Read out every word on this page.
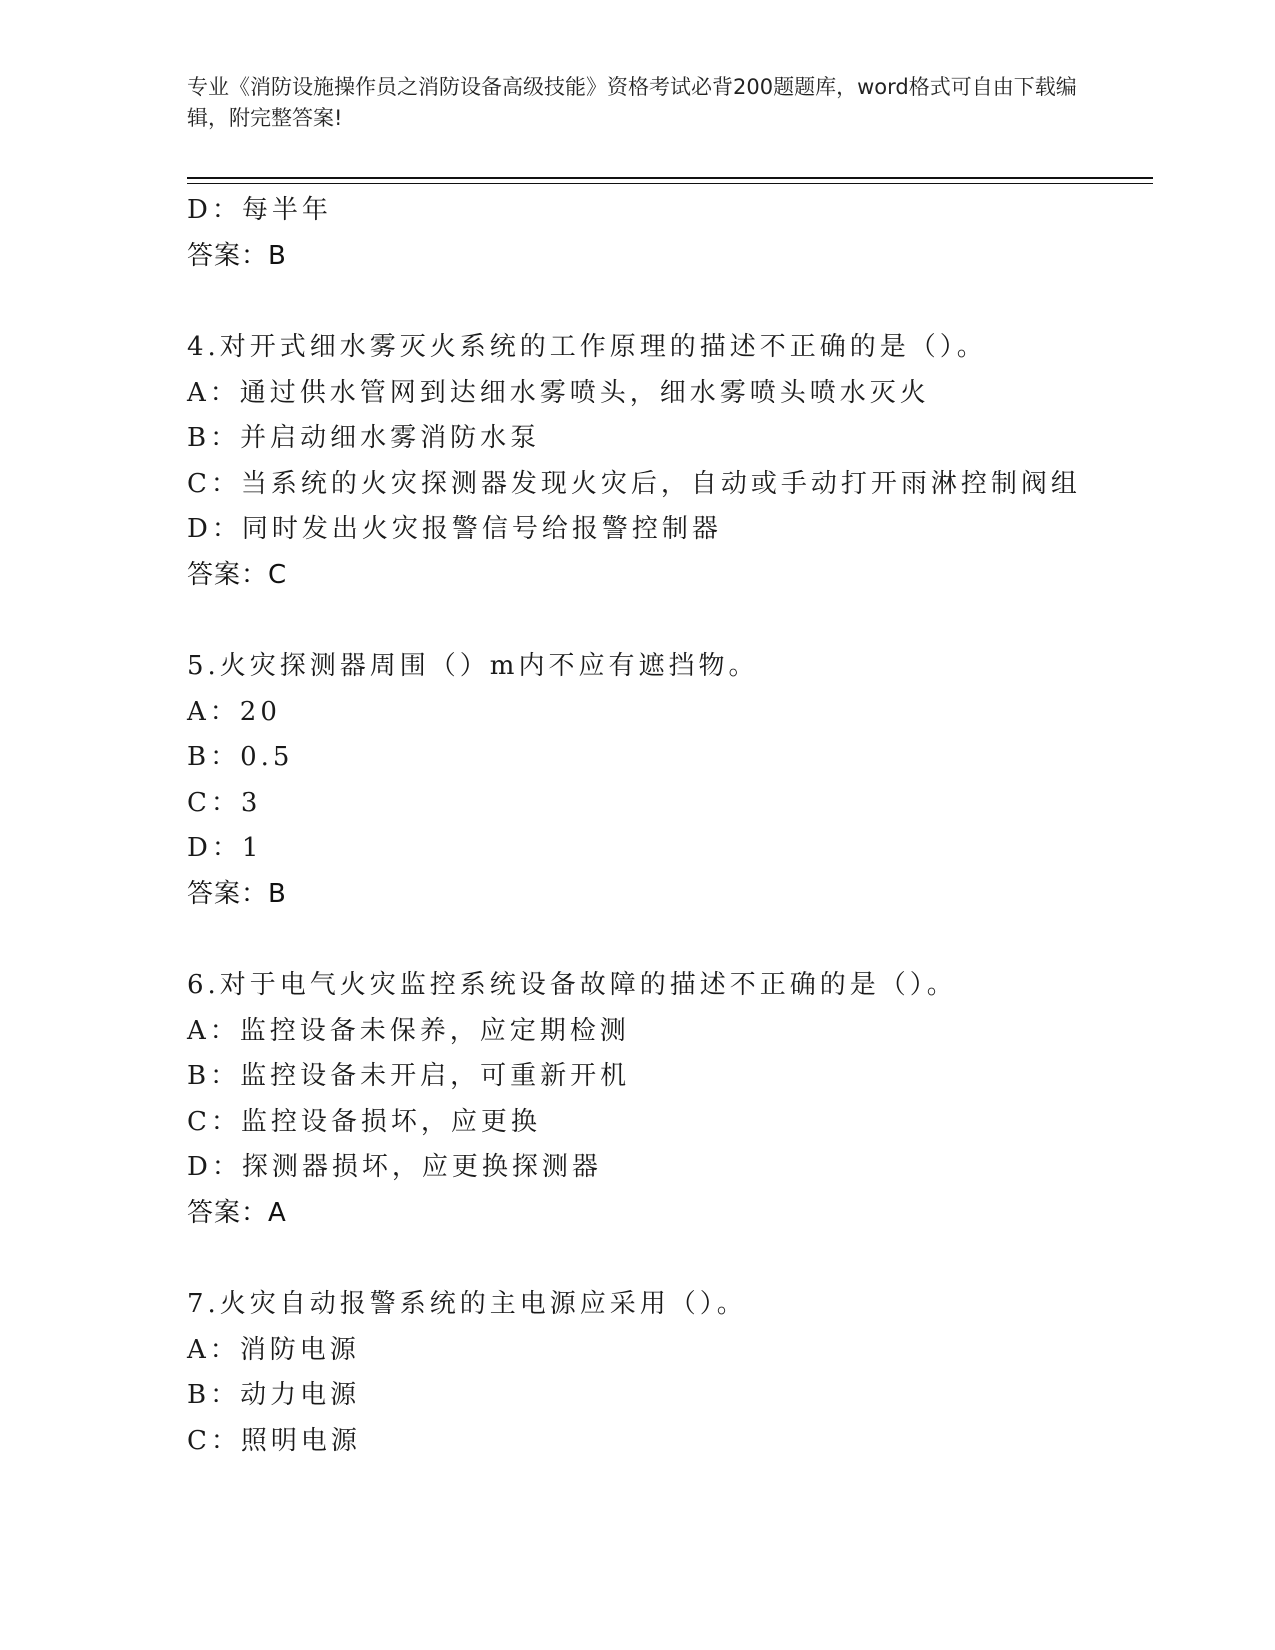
专业《消防设施操作员之消防设备高级技能》资格考试必背200题题库，word格式可自由下载编辑，附完整答案!
D：每半年
答案：B
4.对开式细水雾灭火系统的工作原理的描述不正确的是（）。
A：通过供水管网到达细水雾喷头，细水雾喷头喷水灭火
B：并启动细水雾消防水泵
C：当系统的火灾探测器发现火灾后，自动或手动打开雨淋控制阀组
D：同时发出火灾报警信号给报警控制器
答案：C
5.火灾探测器周围（）m内不应有遮挡物。
A：20
B：0.5
C：3
D：1
答案：B
6.对于电气火灾监控系统设备故障的描述不正确的是（）。
A：监控设备未保养，应定期检测
B：监控设备未开启，可重新开机
C：监控设备损坏，应更换
D：探测器损坏，应更换探测器
答案：A
7.火灾自动报警系统的主电源应采用（）。
A：消防电源
B：动力电源
C：照明电源
